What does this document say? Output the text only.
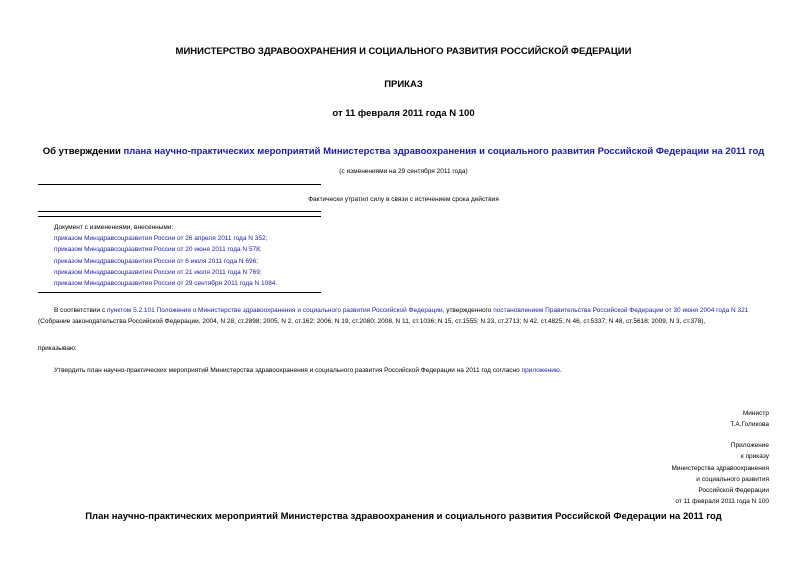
МИНИСТЕРСТВО ЗДРАВООХРАНЕНИЯ И СОЦИАЛЬНОГО РАЗВИТИЯ РОССИЙСКОЙ ФЕДЕРАЦИИ
ПРИКАЗ
от 11 февраля 2011 года N 100
Об утверждении плана научно-практических мероприятий Министерства здравоохранения и социального развития Российской Федерации на 2011 год
(с изменениями на 29 сентября 2011 года)
Фактически утратил силу в связи с истечением срока действия
Документ с изменениями, внесенными:
приказом Минздравсоцразвития России от 26 апреля 2011 года N 352;
приказом Минздравсоцразвития России от 20 июня 2011 года N 578;
приказом Минздравсоцразвития России от 6 июля 2011 года N 696;
приказом Минздравсоцразвития России от 21 июля 2011 года N 769;
приказом Минздравсоцразвития России от 29 сентября 2011 года N 1084.
В соответствии с пунктом 5.2.101 Положения о Министерстве здравоохранения и социального развития Российской Федерации, утвержденного постановлением Правительства Российской Федерации от 30 июня 2004 года N 321 (Собрание законодательства Российской Федерации, 2004, N 28, ст.2898; 2005, N 2, ст.162; 2006, N 19, ст.2080; 2008, N 11, ст.1036; N 15, ст.1555; N 23, ст.2713; N 42, ст.4825; N 46, ст.5337; N 48, ст.5618; 2009, N 3, ст.378),
приказываю:
Утвердить план научно-практических мероприятий Министерства здравоохранения и социального развития Российской Федерации на 2011 год согласно приложению.
Министр
Т.А.Голикова
Приложение
к приказу
Министерства здравоохранения
и социального развития
Российской Федерации
от 11 февраля 2011 года N 100
План научно-практических мероприятий Министерства здравоохранения и социального развития Российской Федерации на 2011 год
